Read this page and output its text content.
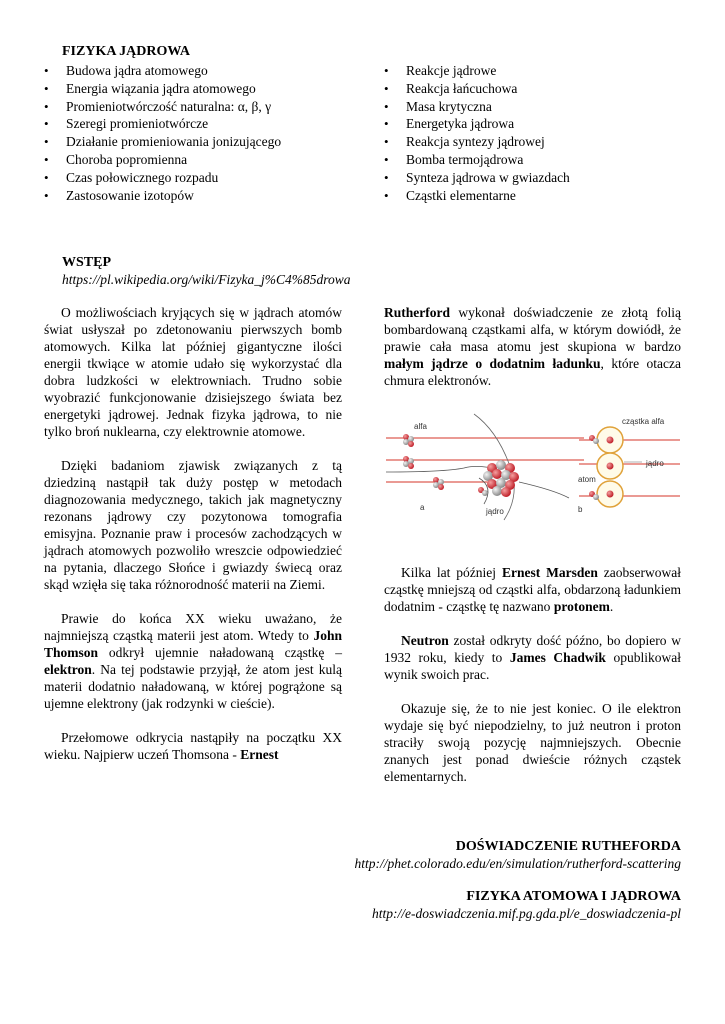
FIZYKA JĄDROWA
• Budowa jądra atomowego
• Energia wiązania jądra atomowego
• Promieniotwórczość naturalna: α, β, γ
• Szeregi promieniotwórcze
• Działanie promieniowania jonizującego
• Choroba popromienna
• Czas połowicznego rozpadu
• Zastosowanie izotopów
• Reakcje jądrowe
• Reakcja łańcuchowa
• Masa krytyczna
• Energetyka jądrowa
• Reakcja syntezy jądrowej
• Bomba termojądrowa
• Synteza jądrowa w gwiazdach
• Cząstki elementarne
WSTĘP
https://pl.wikipedia.org/wiki/Fizyka_j%C4%85drowa

O możliwościach kryjących się w jądrach atomów świat usłyszał po zdetonowaniu pierwszych bomb atomowych. Kilka lat później gigantyczne ilości energii tkwiące w atomie udało się wykorzystać dla dobra ludzkości w elektrowniach. Trudno sobie wyobrazić funkcjonowanie dzisiejszego świata bez energetyki jądrowej. Jednak fizyka jądrowa, to nie tylko broń nuklearna, czy elektrownie atomowe.

Dzięki badaniom zjawisk związanych z tą dziedziną nastąpił tak duży postęp w metodach diagnozowania medycznego, takich jak magnetyczny rezonans jądrowy czy pozytonowa tomografia emisyjna. Poznanie praw i procesów zachodzących w jądrach atomowych pozwoliło wreszcie odpowiedzieć na pytania, dlaczego Słońce i gwiazdy świecą oraz skąd wzięła się taka różnorodność materii na Ziemi.

Prawie do końca XX wieku uważano, że najmniejszą cząstką materii jest atom. Wtedy to John Thomson odkrył ujemnie naładowaną cząstkę – elektron. Na tej podstawie przyjął, że atom jest kulą materii dodatnio naładowaną, w której pogrążone są ujemne elektrony (jak rodzynki w cieście).

Przełomowe odkrycia nastąpiły na początku XX wieku. Najpierw uczeń Thomsona - Ernest

Rutherford wykonał doświadczenie ze złotą folią bombardowaną cząstkami alfa, w którym dowiódł, że prawie cała masa atomu jest skupiona w bardzo małym jądrze o dodatnim ładunku, które otacza chmura elektronów.

alfa
jądro
a
cząstka alfa
jądro
atom
b

Kilka lat później Ernest Marsden zaobserwował cząstkę mniejszą od cząstki alfa, obdarzoną ładunkiem dodatnim - cząstkę tę nazwano protonem.

Neutron został odkryty dość późno, bo dopiero w 1932 roku, kiedy to James Chadwik opublikował wynik swoich prac.

Okazuje się, że to nie jest koniec. O ile elektron wydaje się być niepodzielny, to już neutron i proton straciły swoją pozycję najmniejszych. Obecnie znanych jest ponad dwieście różnych cząstek elementarnych.

DOŚWIADCZENIE RUTHEFORDA
http://phet.colorado.edu/en/simulation/rutherford-scattering
FIZYKA ATOMOWA I JĄDROWA
http://e-doswiadczenia.mif.pg.gda.pl/e_doswiadczenia-pl
